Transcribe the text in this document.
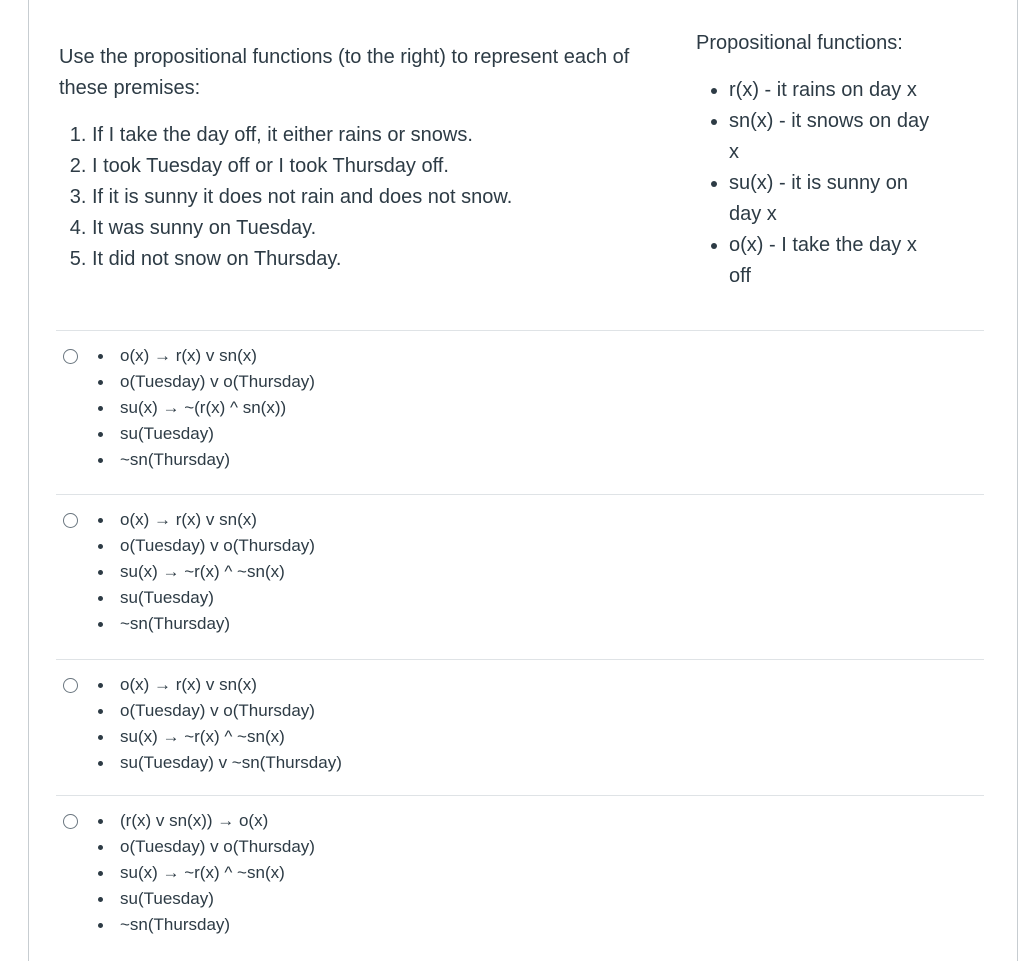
Use the propositional functions (to the right) to represent each of these premises:

1. If I take the day off, it either rains or snows.
2. I took Tuesday off or I took Thursday off.
3. If it is sunny it does not rain and does not snow.
4. It was sunny on Tuesday.
5. It did not snow on Thursday.

Propositional functions:

• r(x) - it rains on day x
• sn(x) - it snows on day x
• su(x) - it is sunny on day x
• o(x) - I take the day x off
o(x) → r(x) v sn(x)
o(Tuesday) v o(Thursday)
su(x) → ~(r(x) ^ sn(x))
su(Tuesday)
~sn(Thursday)
o(x) → r(x) v sn(x)
o(Tuesday) v o(Thursday)
su(x) → ~r(x) ^ ~sn(x)
su(Tuesday)
~sn(Thursday)
o(x) → r(x) v sn(x)
o(Tuesday) v o(Thursday)
su(x) → ~r(x) ^ ~sn(x)
su(Tuesday) v ~sn(Thursday)
(r(x) v sn(x)) → o(x)
o(Tuesday) v o(Thursday)
su(x) → ~r(x) ^ ~sn(x)
su(Tuesday)
~sn(Thursday)
